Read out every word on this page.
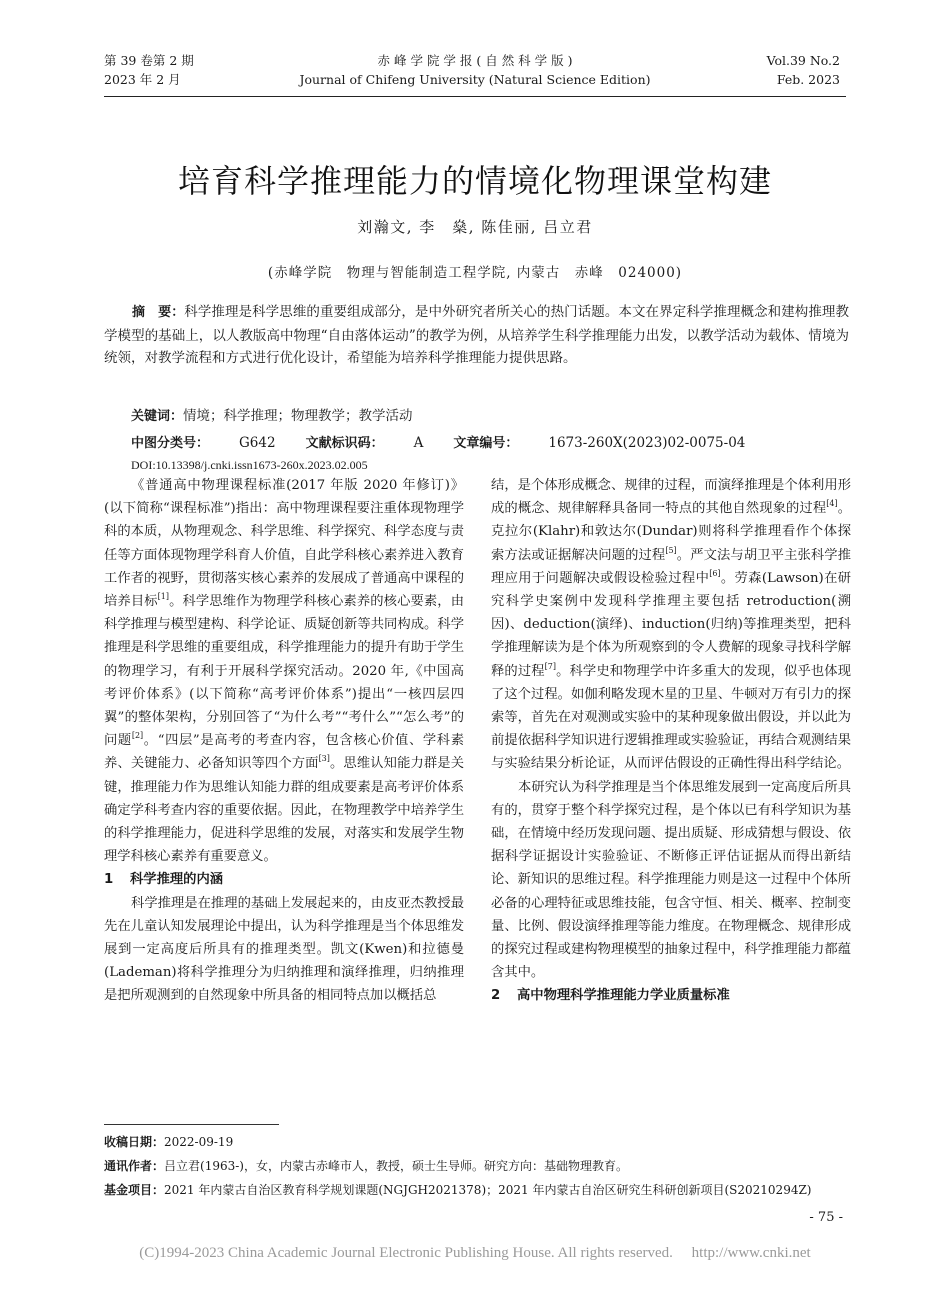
第 39 卷第 2 期
2023 年 2 月
赤 峰 学 院 学 报 ( 自 然 科 学 版 )
Journal of Chifeng University (Natural Science Edition)
Vol.39 No.2
Feb. 2023
培育科学推理能力的情境化物理课堂构建
刘瀚文, 李　燊, 陈佳丽, 吕立君
(赤峰学院　物理与智能制造工程学院, 内蒙古　赤峰　024000)

摘　要：科学推理是科学思维的重要组成部分，是中外研究者所关心的热门话题。本文在界定科学推理概念和建构推理教学模型的基础上，以人教版高中物理“自由落体运动”的教学为例，从培养学生科学推理能力出发，以教学活动为载体、情境为统领，对教学流程和方式进行优化设计，希望能为培养科学推理能力提供思路。

关键词：情境；科学推理；物理教学；教学活动
中图分类号： G642 文献标识码： A 文章编号： 1673-260X(2023)02-0075-04
DOI:10.13398/j.cnki.issn1673-260x.2023.02.005

《普通高中物理课程标准(2017 年版 2020 年修订)》(以下简称“课程标准”)指出：高中物理课程要注重体现物理学科的本质，从物理观念、科学思维、科学探究、科学态度与责任等方面体现物理学科育人价值，自此学科核心素养进入教育工作者的视野，贯彻落实核心素养的发展成了普通高中课程的培养目标[1]。科学思维作为物理学科核心素养的核心要素，由科学推理与模型建构、科学论证、质疑创新等共同构成。科学推理是科学思维的重要组成，科学推理能力的提升有助于学生的物理学习，有利于开展科学探究活动。2020 年,《中国高考评价体系》(以下简称“高考评价体系”)提出“一核四层四翼”的整体架构，分别回答了“为什么考”“考什么”“怎么考”的问题[2]。“四层”是高考的考查内容，包含核心价值、学科素养、关键能力、必备知识等四个方面[3]。思维认知能力群是关键，推理能力作为思维认知能力群的组成要素是高考评价体系确定学科考查内容的重要依据。因此，在物理教学中培养学生的科学推理能力，促进科学思维的发展，对落实和发展学生物理学科核心素养有重要意义。

1 科学推理的内涵

科学推理是在推理的基础上发展起来的，由皮亚杰教授最先在儿童认知发展理论中提出，认为科学推理是当个体思维发展到一定高度后所具有的推理类型。凯文(Kwen)和拉德曼(Lademan)将科学推理分为归纳推理和演绎推理，归纳推理是把所观测到的自然现象中所具备的相同特点加以概括总

结，是个体形成概念、规律的过程，而演绎推理是个体利用形成的概念、规律解释具备同一特点的其他自然现象的过程[4]。克拉尔(Klahr)和敦达尔(Dundar)则将科学推理看作个体探索方法或证据解决问题的过程[5]。严文法与胡卫平主张科学推理应用于问题解决或假设检验过程中[6]。劳森(Lawson)在研究科学史案例中发现科学推理主要包括 retroduction(溯因)、deduction(演绎)、induction(归纳)等推理类型，把科学推理解读为是个体为所观察到的令人费解的现象寻找科学解释的过程[7]。科学史和物理学中许多重大的发现，似乎也体现了这个过程。如伽利略发现木星的卫星、牛顿对万有引力的探索等，首先在对观测或实验中的某种现象做出假设，并以此为前提依据科学知识进行逻辑推理或实验验证，再结合观测结果与实验结果分析论证，从而评估假设的正确性得出科学结论。

本研究认为科学推理是当个体思维发展到一定高度后所具有的，贯穿于整个科学探究过程，是个体以已有科学知识为基础，在情境中经历发现问题、提出质疑、形成猜想与假设、依据科学证据设计实验验证、不断修正评估证据从而得出新结论、新知识的思维过程。科学推理能力则是这一过程中个体所必备的心理特征或思维技能，包含守恒、相关、概率、控制变量、比例、假设演绎推理等能力维度。在物理概念、规律形成的探究过程或建构物理模型的抽象过程中，科学推理能力都蕴含其中。

2 高中物理科学推理能力学业质量标准
收稿日期：2022-09-19
通讯作者：吕立君(1963-)，女，内蒙古赤峰市人，教授，硕士生导师。研究方向：基础物理教育。
基金项目：2021 年内蒙古自治区教育科学规划课题(NGJGH2021378)；2021 年内蒙古自治区研究生科研创新项目(S20210294Z)
- 75 -
(C)1994-2023 China Academic Journal Electronic Publishing House. All rights reserved.　 http://www.cnki.net
